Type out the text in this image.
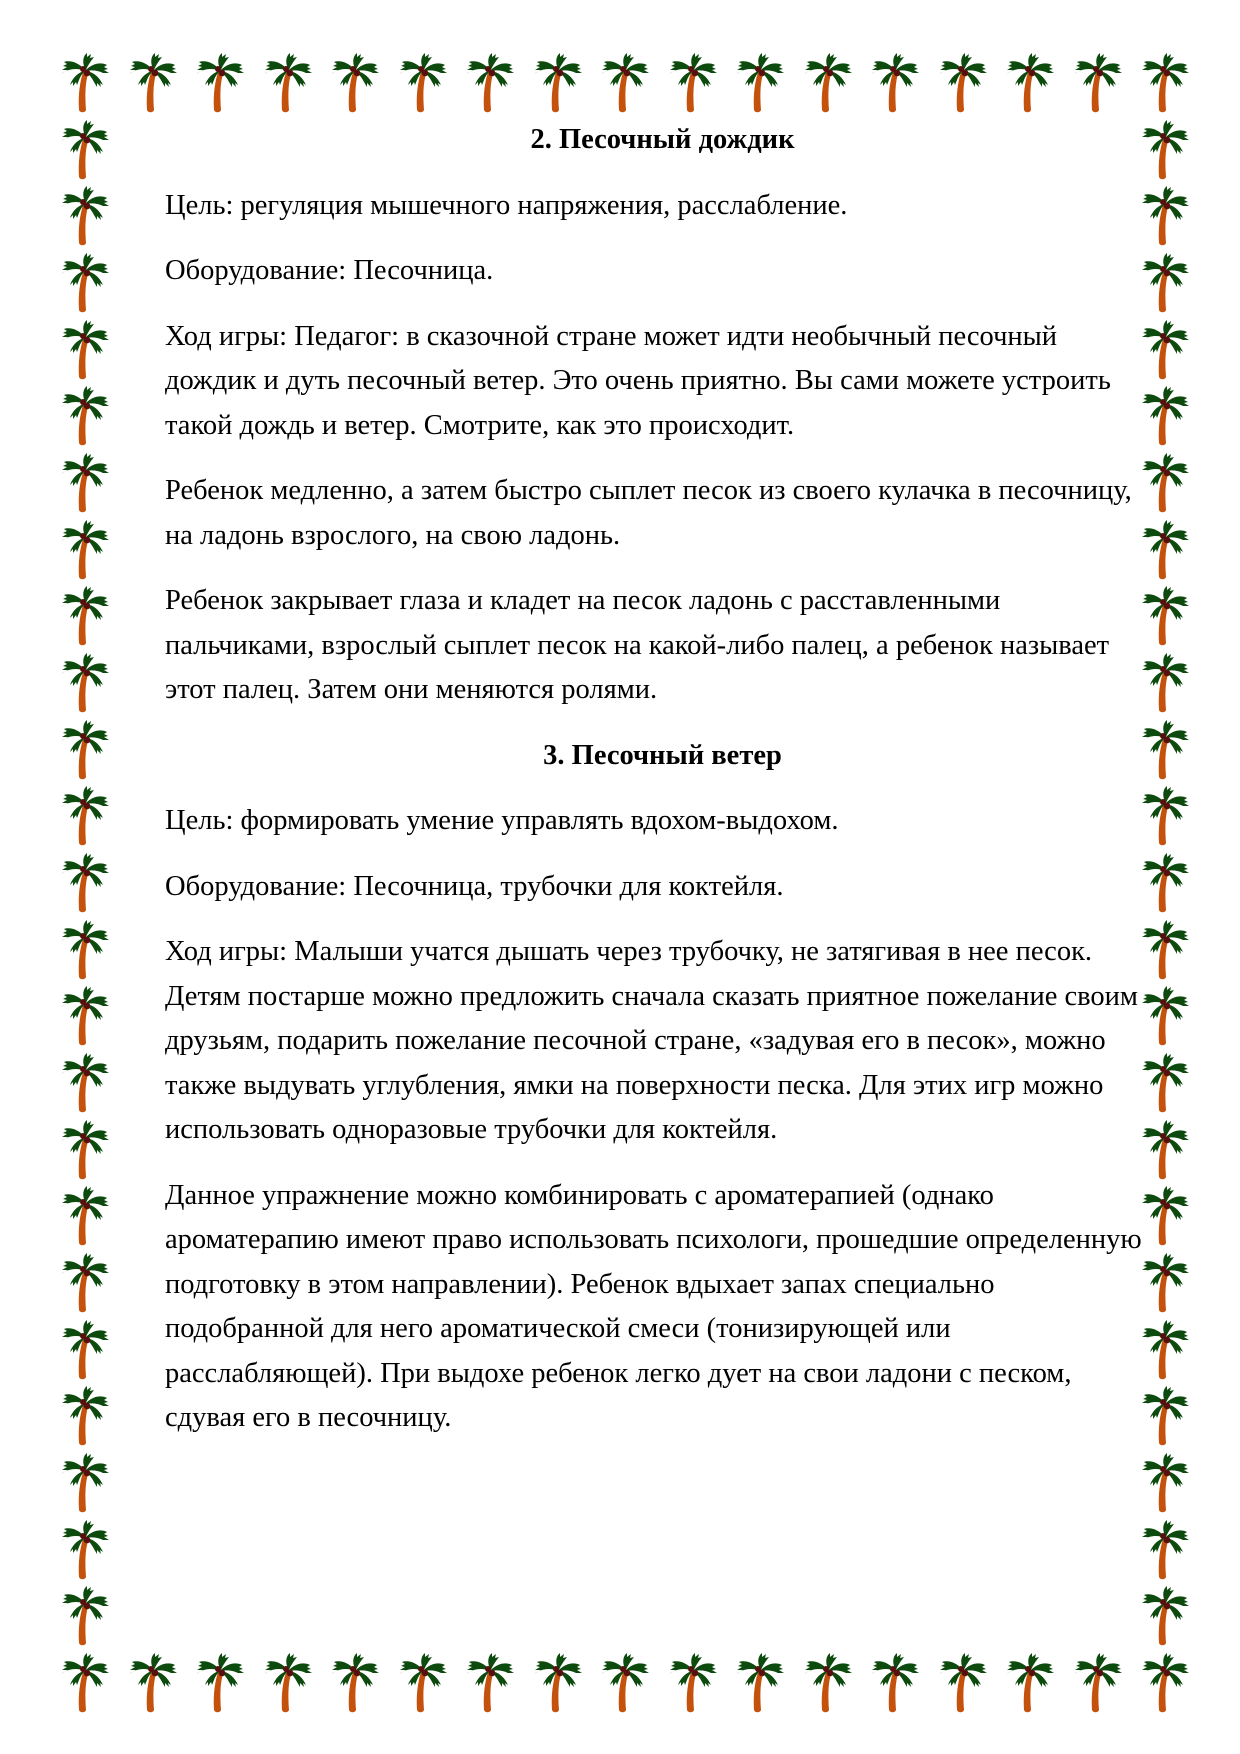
2. Песочный дождик

Цель: регуляция мышечного напряжения, расслабление.

Оборудование: Песочница.

Ход игры: Педагог: в сказочной стране может идти необычный песочный дождик и дуть песочный ветер. Это очень приятно. Вы сами можете устроить такой дождь и ветер. Смотрите, как это происходит.

Ребенок медленно, а затем быстро сыплет песок из своего кулачка в песочницу, на ладонь взрослого, на свою ладонь.

Ребенок закрывает глаза и кладет на песок ладонь с расставленными пальчиками, взрослый сыплет песок на какой-либо палец, а ребенок называет этот палец. Затем они меняются ролями.

3. Песочный ветер

Цель: формировать умение управлять вдохом-выдохом.

Оборудование: Песочница, трубочки для коктейля.

Ход игры: Малыши учатся дышать через трубочку, не затягивая в нее песок. Детям постарше можно предложить сначала сказать приятное пожелание своим друзьям, подарить пожелание песочной стране, «задувая его в песок», можно также выдувать углубления, ямки на поверхности песка. Для этих игр можно использовать одноразовые трубочки для коктейля.

Данное упражнение можно комбинировать с ароматерапией (однако ароматерапию имеют право использовать психологи, прошедшие определенную подготовку в этом направлении). Ребенок вдыхает запах специально подобранной для него ароматической смеси (тонизирующей или расслабляющей). При выдохе ребенок легко дует на свои ладони с песком, сдувая его в песочницу.
